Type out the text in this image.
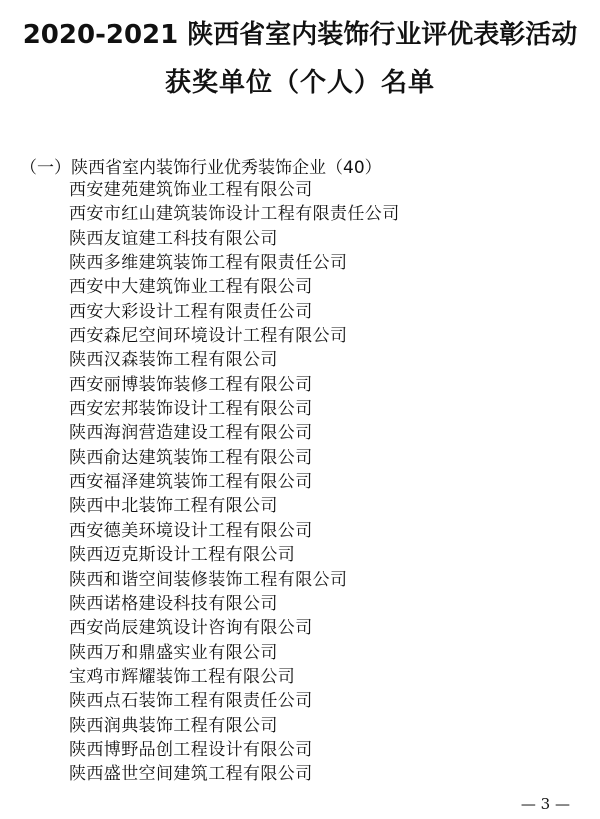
2020-2021 陕西省室内装饰行业评优表彰活动
获奖单位（个人）名单
（一）陕西省室内装饰行业优秀装饰企业（40）
西安建苑建筑饰业工程有限公司
西安市红山建筑装饰设计工程有限责任公司
陕西友谊建工科技有限公司
陕西多维建筑装饰工程有限责任公司
西安中大建筑饰业工程有限公司
西安大彩设计工程有限责任公司
西安森尼空间环境设计工程有限公司
陕西汉森装饰工程有限公司
西安丽博装饰装修工程有限公司
西安宏邦装饰设计工程有限公司
陕西海润营造建设工程有限公司
陕西俞达建筑装饰工程有限公司
西安福泽建筑装饰工程有限公司
陕西中北装饰工程有限公司
西安德美环境设计工程有限公司
陕西迈克斯设计工程有限公司
陕西和谐空间装修装饰工程有限公司
陕西诺格建设科技有限公司
西安尚辰建筑设计咨询有限公司
陕西万和鼎盛实业有限公司
宝鸡市辉耀装饰工程有限公司
陕西点石装饰工程有限责任公司
陕西润典装饰工程有限公司
陕西博野品创工程设计有限公司
陕西盛世空间建筑工程有限公司
— 3 —
